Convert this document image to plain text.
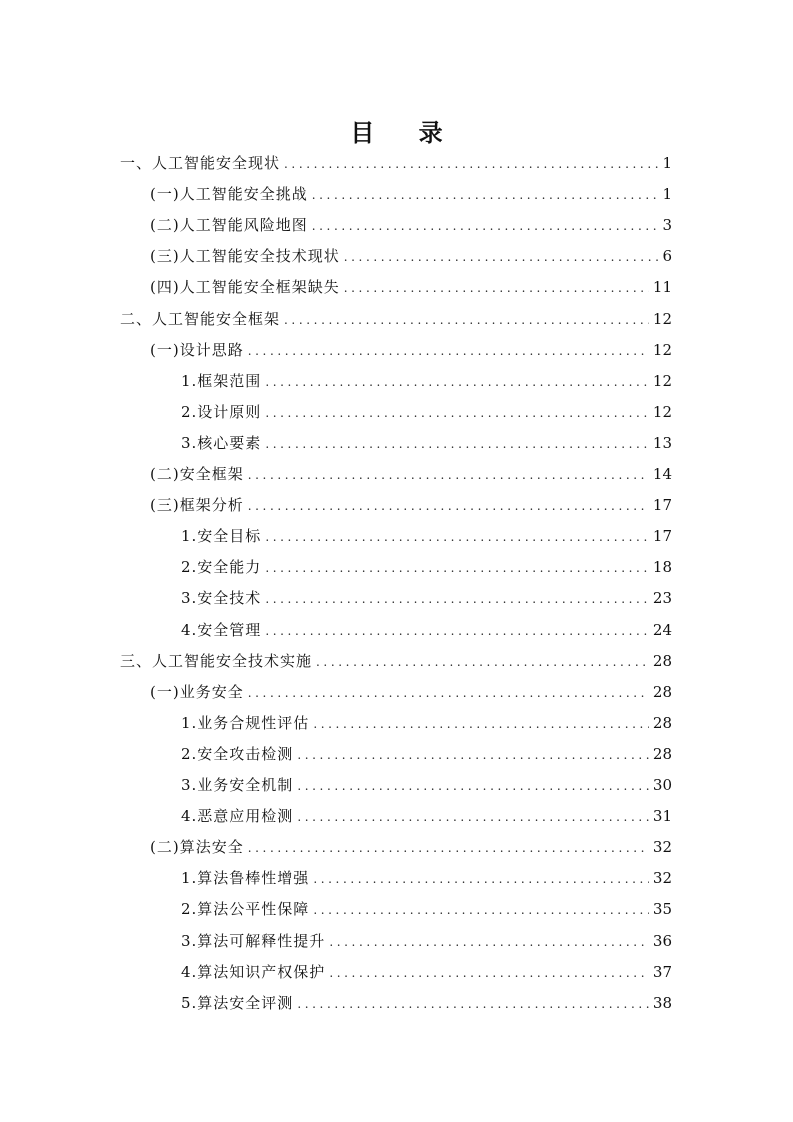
目 录
一、人工智能安全现状 .....	1
(一)人工智能安全挑战 .....	1
(二)人工智能风险地图 .....	3
(三)人工智能安全技术现状 .....	6
(四)人工智能安全框架缺失 .....	11
二、人工智能安全框架 .....	12
(一)设计思路 .....	12
1.框架范围 .....	12
2.设计原则 .....	12
3.核心要素 .....	13
(二)安全框架 .....	14
(三)框架分析 .....	17
1.安全目标 .....	17
2.安全能力 .....	18
3.安全技术 .....	23
4.安全管理 .....	24
三、人工智能安全技术实施 .....	28
(一)业务安全 .....	28
1.业务合规性评估 .....	28
2.安全攻击检测 .....	28
3.业务安全机制 .....	30
4.恶意应用检测 .....	31
(二)算法安全 .....	32
1.算法鲁棒性增强 .....	32
2.算法公平性保障 .....	35
3.算法可解释性提升 .....	36
4.算法知识产权保护 .....	37
5.算法安全评测 .....	38
